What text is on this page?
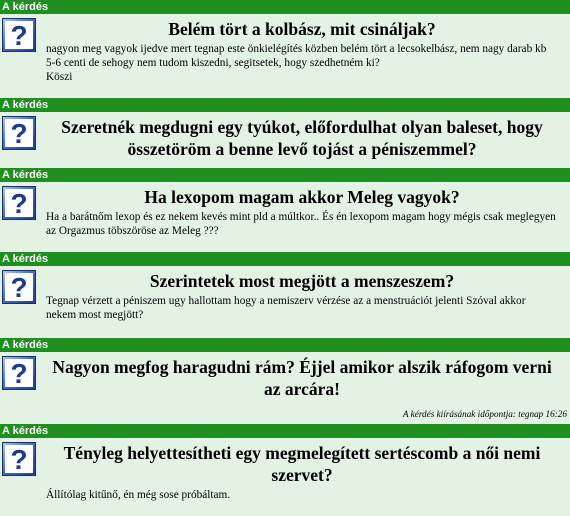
A kérdés
?	Belém tört a kolbász, mit csináljak?
nagyon meg vagyok ijedve mert tegnap este önkielégítés közben belém tört a lecsokelbász, nem nagy darab kb 5-6 centi de sehogy nem tudom kiszedni, segitsetek, hogy szedhetném ki?
Köszi
A kérdés
?	Szeretnék megdugni egy tyúkot, előfordulhat olyan baleset, hogy összetöröm a benne levő tojást a péniszemmel?
A kérdés
?	Ha lexopom magam akkor Meleg vagyok?
Ha a barátnőm lexop és ez nekem kevés mint pld a múltkor.. És én lexopom magam hogy mégis csak meglegyen az Orgazmus töbszöröse az Meleg ???
A kérdés
?	Szerintetek most megjött a menszeszem?
Tegnap vérzett a péniszem ugy hallottam hogy a nemiszerv vérzése az a menstruációt jelenti Szóval akkor nekem most megjött?
A kérdés
?	Nagyon megfog haragudni rám? Éjjel amikor alszik ráfogom verni az arcára!
A kérdés kiírásának időpontja: tegnap 16:26
A kérdés
?	Tényleg helyettesítheti egy megmelegített sertéscomb a női nemi szervet?
Állítólag kitűnő, én még sose próbáltam.
